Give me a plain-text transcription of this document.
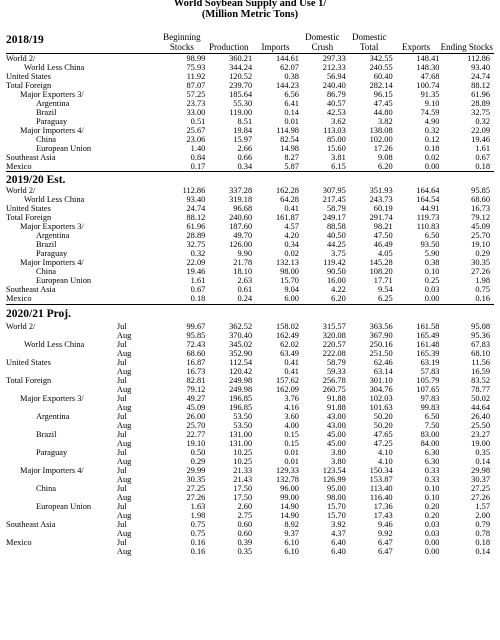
World Soybean Supply and Use 1/
(Million Metric Tons)
2018/19		Beginning Stocks	Production	Imports	Domestic Crush	Domestic Total	Exports	Ending Stocks
World 2/		98.99	360.21	144.61	297.33	342.55	148.41	112.86
World Less China		75.93	344.24	62.07	212.33	240.55	148.30	93.40
United States		11.92	120.52	0.38	56.94	60.40	47.68	24.74
Total Foreign		87.07	239.70	144.23	240.40	282.14	100.74	88.12
Major Exporters 3/		57.25	185.64	6.56	86.79	96.15	91.35	61.96
Argentina		23.73	55.30	6.41	40.57	47.45	9.10	28.89
Brazil		33.00	119.00	0.14	42.53	44.80	74.59	32.75
Paraguay		0.51	8.51	0.01	3.62	3.82	4.90	0.32
Major Importers 4/		25.67	19.84	114.98	113.03	138.08	0.32	22.09
China		23.06	15.97	82.54	85.00	102.00	0.12	19.46
European Union		1.40	2.66	14.98	15.60	17.26	0.18	1.61
Southeast Asia		0.84	0.66	8.27	3.81	9.08	0.02	0.67
Mexico		0.17	0.34	5.87	6.15	6.20	0.00	0.18
2019/20 Est.
World 2/		112.86	337.28	162.28	307.95	351.93	164.64	95.85
World Less China		93.40	319.18	64.28	217.45	243.73	164.54	68.60
United States		24.74	96.68	0.41	58.79	60.19	44.91	16.73
Total Foreign		88.12	240.60	161.87	249.17	291.74	119.73	79.12
Major Exporters 3/		61.96	187.60	4.57	88.58	98.21	110.83	45.09
Argentina		28.89	49.70	4.20	40.50	47.50	6.50	25.70
Brazil		32.75	126.00	0.34	44.25	46.49	93.50	19.10
Paraguay		0.32	9.90	0.02	3.75	4.05	5.90	0.29
Major Importers 4/		22.09	21.78	132.13	119.42	145.28	0.38	30.35
China		19.46	18.10	98.00	90.50	108.20	0.10	27.26
European Union		1.61	2.63	15.70	16.00	17.71	0.25	1.98
Southeast Asia		0.67	0.61	9.04	4.22	9.54	0.03	0.75
Mexico		0.18	0.24	6.00	6.20	6.25	0.00	0.16
2020/21 Proj.
World 2/	Jul	99.67	362.52	158.02	315.57	363.56	161.58	95.08
	Aug	95.85	370.40	162.49	320.08	367.90	165.49	95.36
World Less China	Jul	72.43	345.02	62.02	220.57	250.16	161.48	67.83
	Aug	68.60	352.90	63.49	222.08	251.50	165.39	68.10
United States	Jul	16.87	112.54	0.41	58.79	62.46	63.19	11.56
	Aug	16.73	120.42	0.41	59.33	63.14	57.83	16.59
Total Foreign	Jul	82.81	249.98	157.62	256.78	301.10	105.79	83.52
	Aug	79.12	249.98	162.09	260.75	304.76	107.65	78.77
Major Exporters 3/	Jul	49.27	196.85	3.76	91.88	102.03	97.83	50.02
	Aug	45.09	196.85	4.16	91.88	101.63	99.83	44.64
Argentina	Jul	26.00	53.50	3.60	43.00	50.20	6.50	26.40
	Aug	25.70	53.50	4.00	43.00	50.20	7.50	25.50
Brazil	Jul	22.77	131.00	0.15	45.00	47.65	83.00	23.27
	Aug	19.10	131.00	0.15	45.00	47.25	84.00	19.00
Paraguay	Jul	0.50	10.25	0.01	3.80	4.10	6.30	0.35
	Aug	0.29	10.25	0.01	3.80	4.10	6.30	0.14
Major Importers 4/	Jul	29.99	21.33	129.33	123.54	150.34	0.33	29.98
	Aug	30.35	21.43	132.78	126.99	153.87	0.33	30.37
China	Jul	27.25	17.50	96.00	95.00	113.40	0.10	27.25
	Aug	27.26	17.50	99.00	98.00	116.40	0.10	27.26
European Union	Jul	1.63	2.60	14.90	15.70	17.36	0.20	1.57
	Aug	1.98	2.75	14.90	15.70	17.43	0.20	2.00
Southeast Asia	Jul	0.75	0.60	8.92	3.92	9.46	0.03	0.79
	Aug	0.75	0.60	9.37	4.37	9.92	0.03	0.78
Mexico	Jul	0.16	0.39	6.10	6.40	6.47	0.00	0.18
	Aug	0.16	0.35	6.10	6.40	6.47	0.00	0.14
